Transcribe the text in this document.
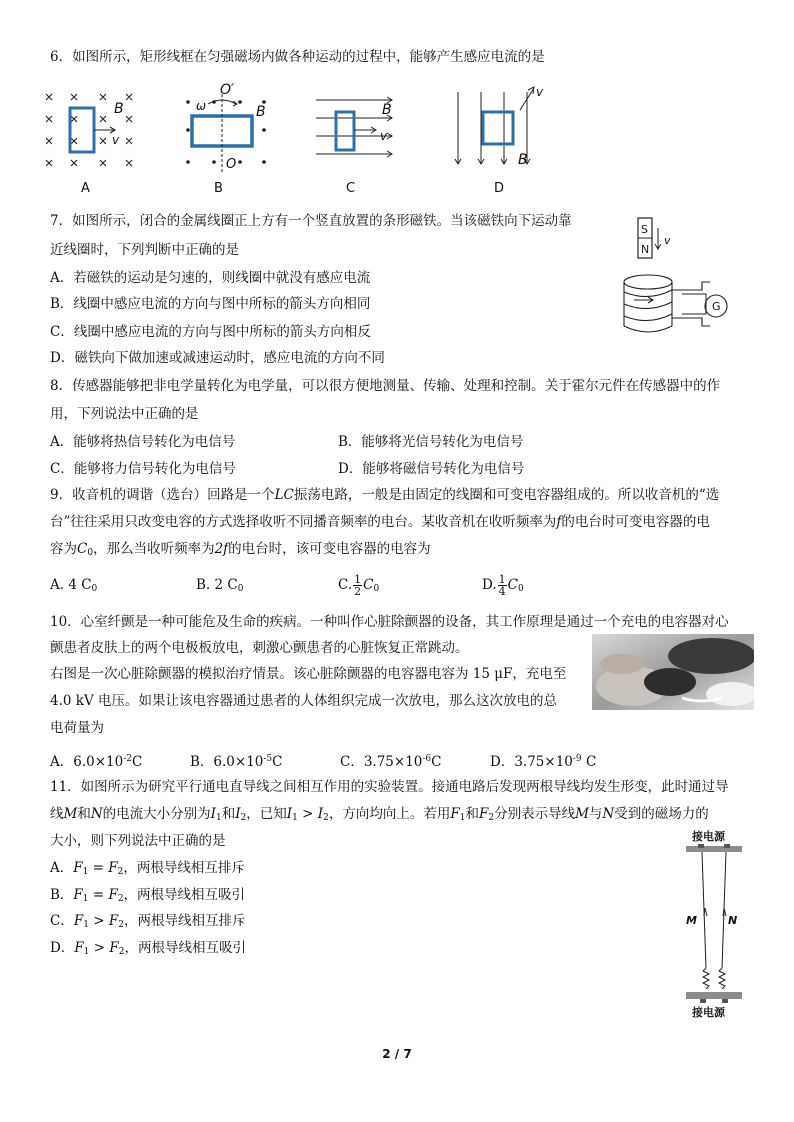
6．如图所示，矩形线框在匀强磁场内做各种运动的过程中，能够产生感应电流的是
B
v
A
O′
ω	B
O
B
B
v
C
v
B
D
7．如图所示，闭合的金属线圈正上方有一个竖直放置的条形磁铁。当该磁铁向下运动靠
近线圈时，下列判断中正确的是
A．若磁铁的运动是匀速的，则线圈中就没有感应电流
B．线圈中感应电流的方向与图中所标的箭头方向相同
C．线圈中感应电流的方向与图中所标的箭头方向相反
D．磁铁向下做加速或减速运动时，感应电流的方向不同
S
N
v
G
8．传感器能够把非电学量转化为电学量，可以很方便地测量、传输、处理和控制。关于霍尔元件在传感器中的作
用，下列说法中正确的是
A．能够将热信号转化为电信号	B．能够将光信号转化为电信号
C．能够将力信号转化为电信号	D．能够将磁信号转化为电信号
9．收音机的调谐（选台）回路是一个LC振荡电路，一般是由固定的线圈和可变电容器组成的。所以收音机的“选
台”往往采用只改变电容的方式选择收听不同播音频率的电台。某收音机在收听频率为f的电台时可变电容器的电
容为$C_0$，那么当收听频率为2f的电台时，该可变电容器的电容为
A. 4 $C_0$	B. 2 $C_0$	C. $\frac{1}{2} C_0$	D. $\frac{1}{4} C_0$
10．心室纤颤是一种可能危及生命的疾病。一种叫作心脏除颤器的设备，其工作原理是通过一个充电的电容器对心
颤患者皮肤上的两个电极板放电，刺激心颤患者的心脏恢复正常跳动。
右图是一次心脏除颤器的模拟治疗情景。该心脏除颤器的电容器电容为 15 μF，充电至
4.0 kV 电压。如果让该电容器通过患者的人体组织完成一次放电，那么这次放电的总
电荷量为
A．$6.0\times 10^{-2}C$	B．$6.0\times 10^{-5}C$	C．$3.75\times 10^{-6}C$	D．$3.75\times 10^{-9}$ C
11．如图所示为研究平行通电直导线之间相互作用的实验装置。接通电路后发现两根导线均发生形变，此时通过导
线M和N的电流大小分别为$I_1$和$I_2$，已知$I_1 > I_2$，方向均向上。若用$F_1$和$F_2$分别表示导线M与N受到的磁场力的
大小，则下列说法中正确的是
A．$F_1 = F_2$，两根导线相互排斥
B．$F_1 = F_2$，两根导线相互吸引
C．$F_1 > F_2$，两根导线相互排斥
D．$F_1 > F_2$，两根导线相互吸引
接电源
M	N
接电源
2 / 7
